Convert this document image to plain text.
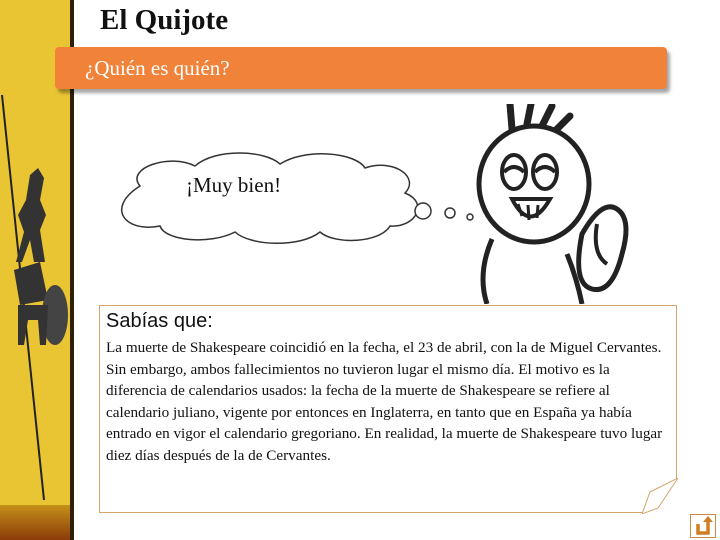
El Quijote
¿Quién es quién?
¡Muy bien!
Sabías que:
La muerte de Shakespeare coincidió en la fecha, el 23 de abril, con la de Miguel Cervantes. Sin embargo, ambos fallecimientos no tuvieron lugar el mismo día. El motivo es la diferencia de calendarios usados: la fecha de la muerte de Shakespeare se refiere al calendario juliano, vigente por entonces en Inglaterra, en tanto que en España ya había entrado en vigor el calendario gregoriano. En realidad, la muerte de Shakespeare tuvo lugar diez días después de la de Cervantes.
